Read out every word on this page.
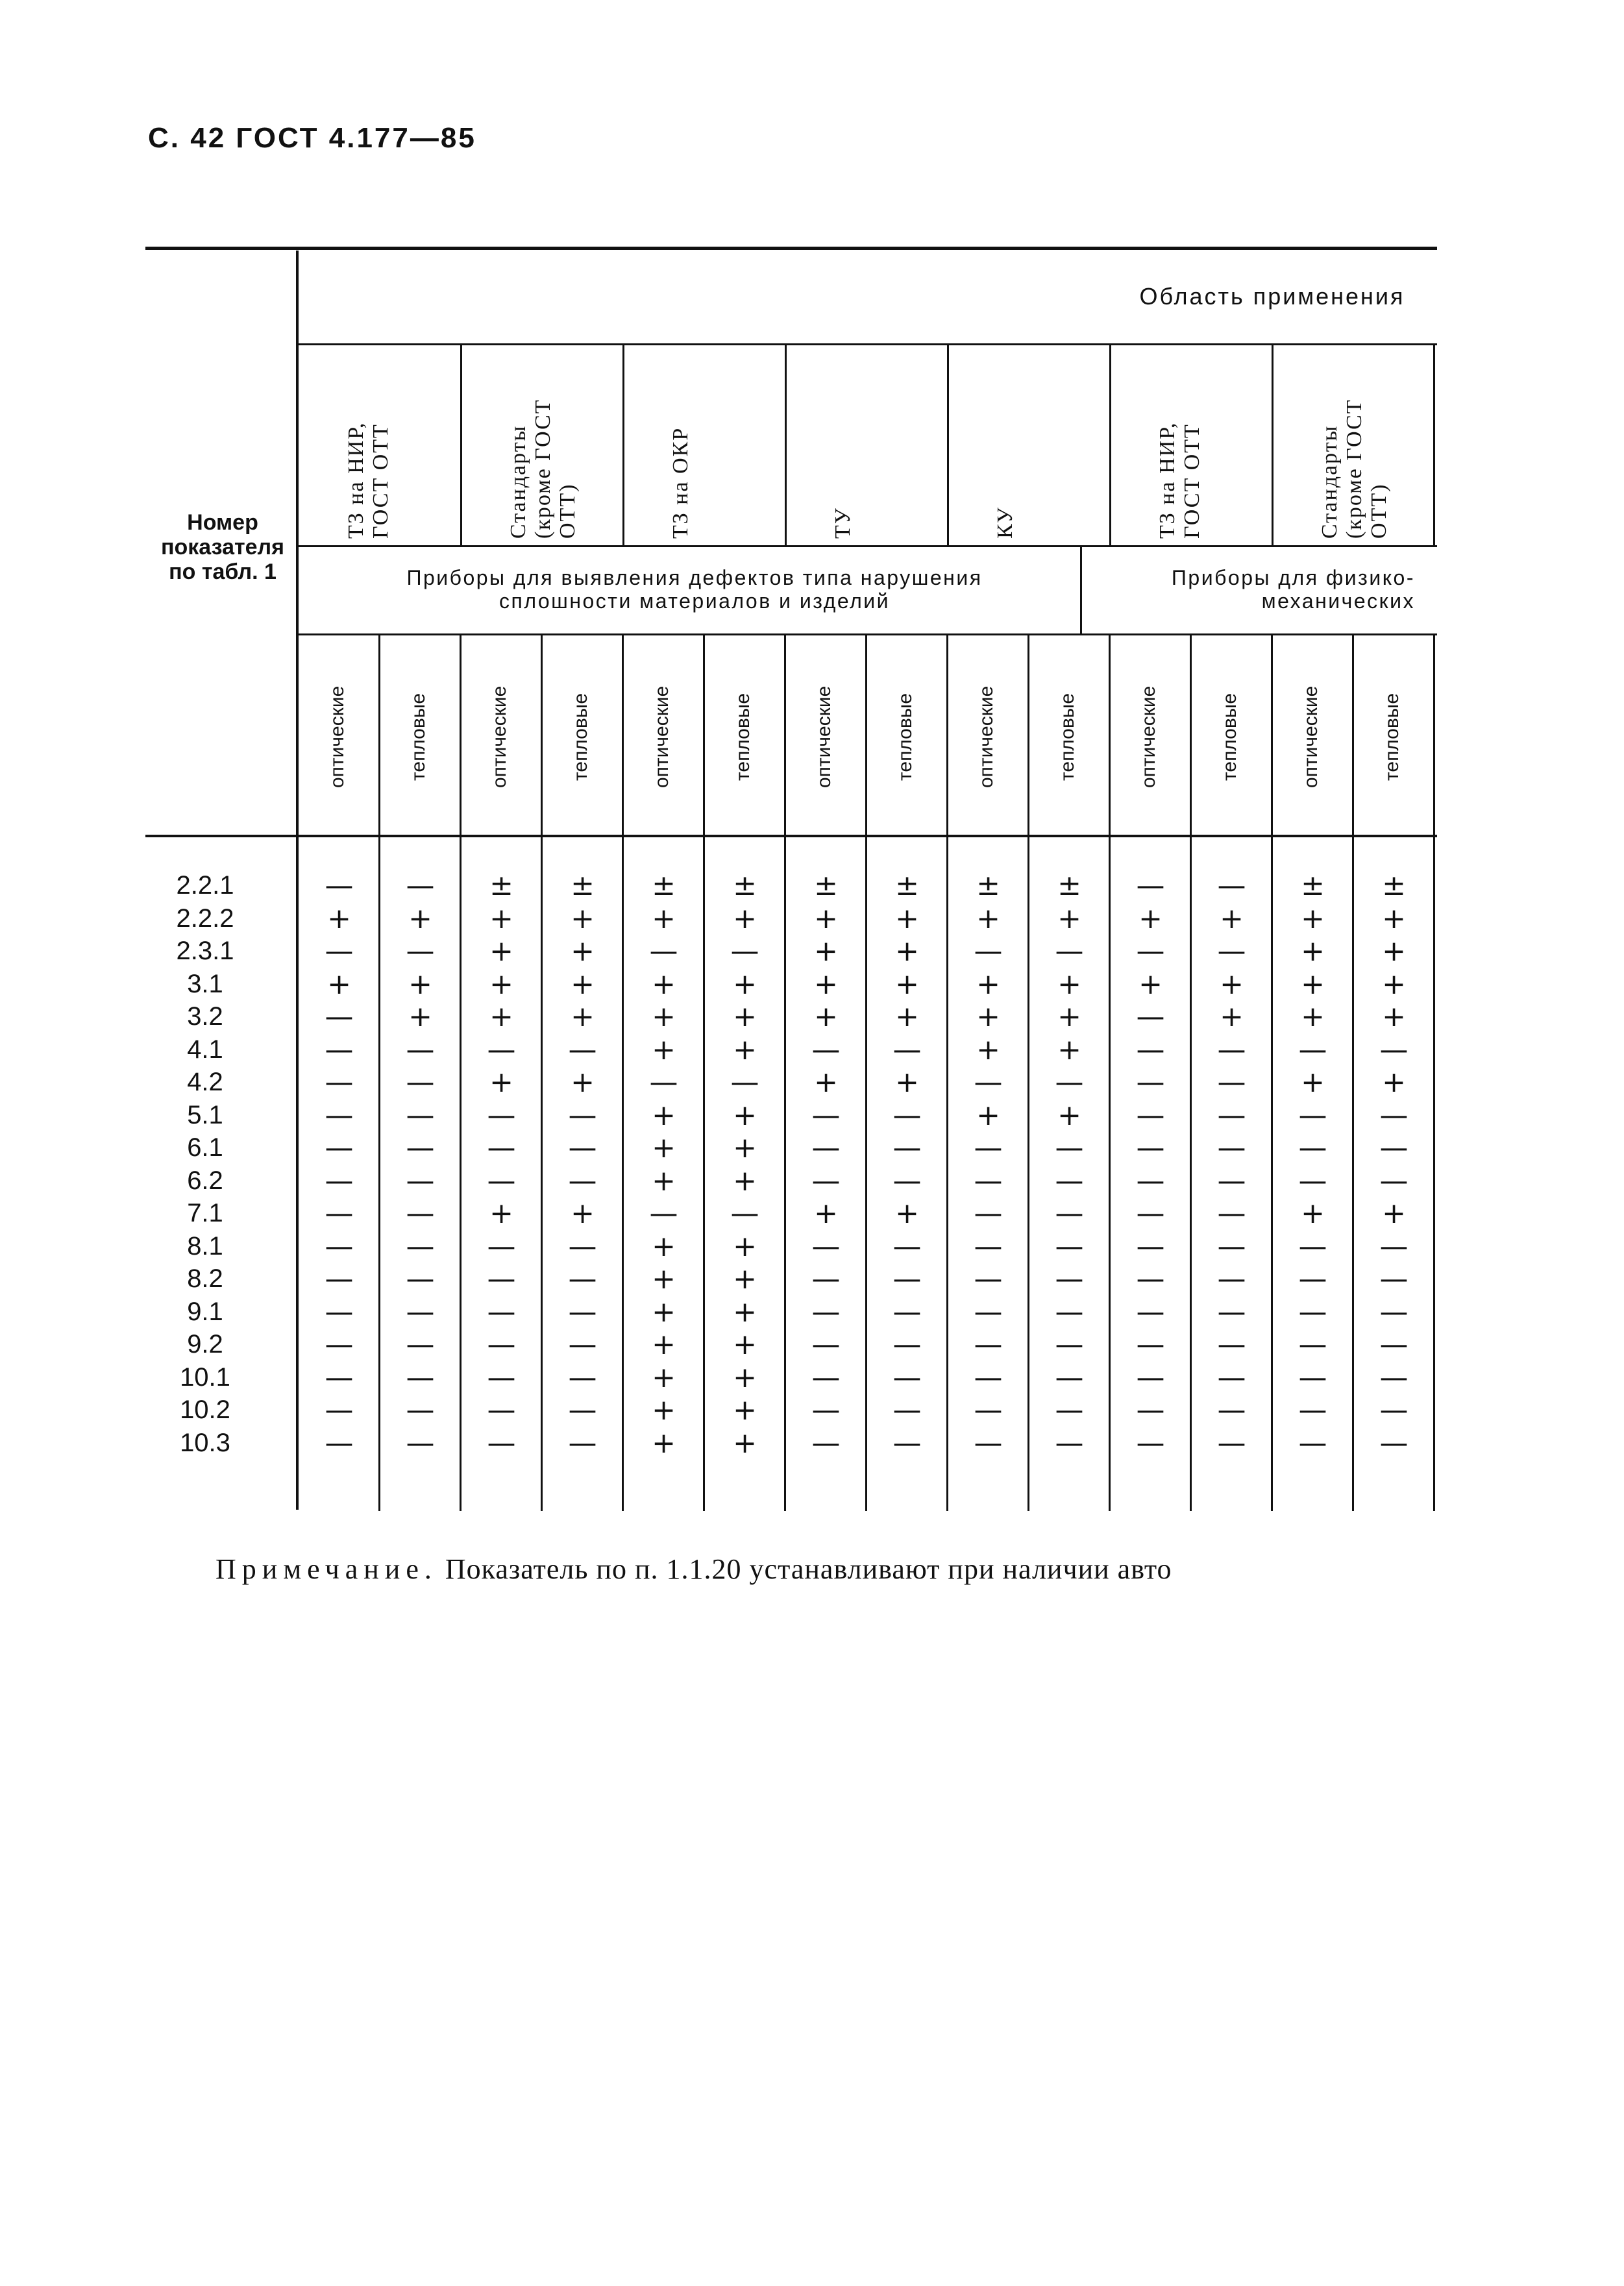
С. 42 ГОСТ 4.177—85
Номер показателя по табл. 1
Область применения
ТЗ на НИР, ГОСТ ОТТ	Стандарты (кроме ГОСТ ОТТ)	ТЗ на ОКР	ТУ	КУ	ТЗ на НИР, ГОСТ ОТТ	Стандарты (кроме ГОСТ ОТТ)
Приборы для выявления дефектов типа нарушения сплошности материалов и изделий
Приборы для физико-механических
оптические	тепловые	оптические	тепловые	оптические	тепловые	оптические	тепловые	оптические	тепловые	оптические	тепловые	оптические	тепловые
2.2.1	—	—	±	±	±	±	±	±	±	±	—	—	±	±
2.2.2	+	+	+	+	+	+	+	+	+	+	+	+	+	+
2.3.1	—	—	+	+	—	—	+	+	—	—	—	—	+	+
3.1	+	+	+	+	+	+	+	+	+	+	+	+	+	+
3.2	—	+	+	+	+	+	+	+	+	+	—	+	+	+
4.1	—	—	—	—	+	+	—	—	+	+	—	—	—	—
4.2	—	—	+	+	—	—	+	+	—	—	—	—	+	+
5.1	—	—	—	—	+	+	—	—	+	+	—	—	—	—
6.1	—	—	—	—	+	+	—	—	—	—	—	—	—	—
6.2	—	—	—	—	+	+	—	—	—	—	—	—	—	—
7.1	—	—	+	+	—	—	+	+	—	—	—	—	+	+
8.1	—	—	—	—	+	+	—	—	—	—	—	—	—	—
8.2	—	—	—	—	+	+	—	—	—	—	—	—	—	—
9.1	—	—	—	—	+	+	—	—	—	—	—	—	—	—
9.2	—	—	—	—	+	+	—	—	—	—	—	—	—	—
10.1	—	—	—	—	+	+	—	—	—	—	—	—	—	—
10.2	—	—	—	—	+	+	—	—	—	—	—	—	—	—
10.3	—	—	—	—	+	+	—	—	—	—	—	—	—	—
Примечание. Показатель по п. 1.1.20 устанавливают при наличии авто
